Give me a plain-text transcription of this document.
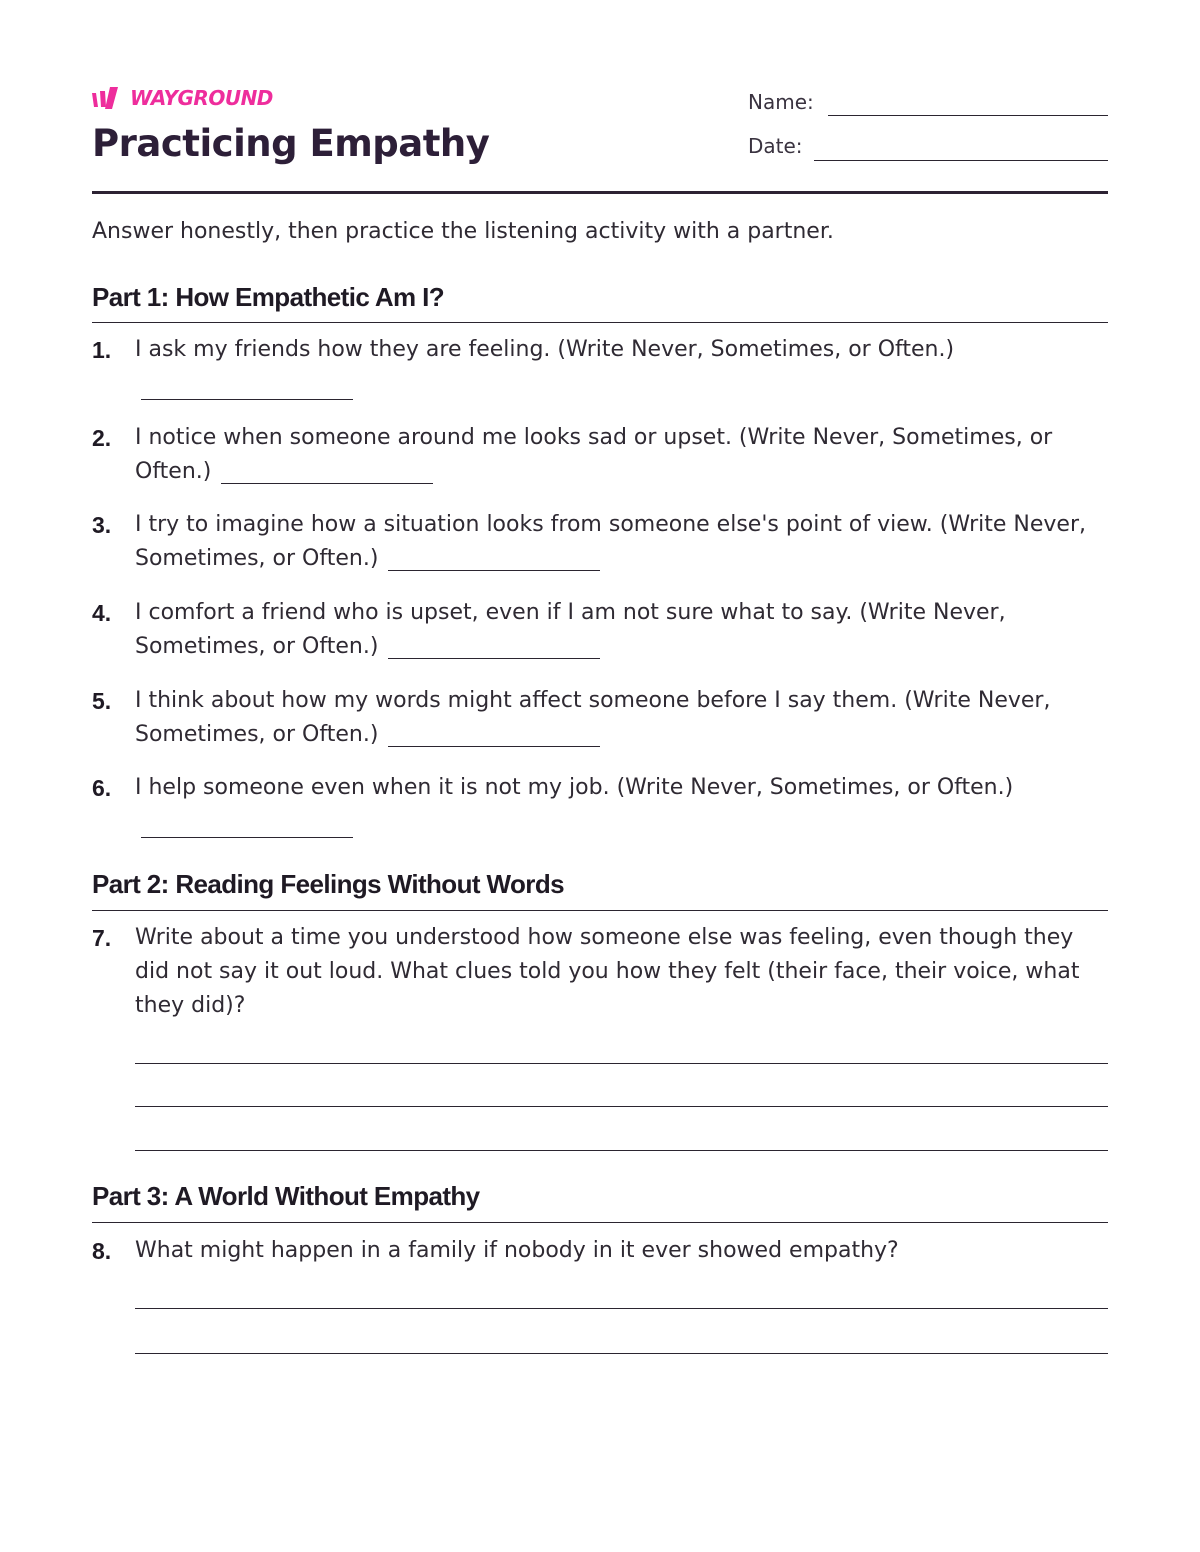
WAYGROUND
Practicing Empathy
Name:
Date:
Answer honestly, then practice the listening activity with a partner.
Part 1: How Empathetic Am I?
1. I ask my friends how they are feeling. (Write Never, Sometimes, or Often.)
2. I notice when someone around me looks sad or upset. (Write Never, Sometimes, or Often.)
3. I try to imagine how a situation looks from someone else's point of view. (Write Never, Sometimes, or Often.)
4. I comfort a friend who is upset, even if I am not sure what to say. (Write Never, Sometimes, or Often.)
5. I think about how my words might affect someone before I say them. (Write Never, Sometimes, or Often.)
6. I help someone even when it is not my job. (Write Never, Sometimes, or Often.)
Part 2: Reading Feelings Without Words
7. Write about a time you understood how someone else was feeling, even though they did not say it out loud. What clues told you how they felt (their face, their voice, what they did)?
Part 3: A World Without Empathy
8. What might happen in a family if nobody in it ever showed empathy?
